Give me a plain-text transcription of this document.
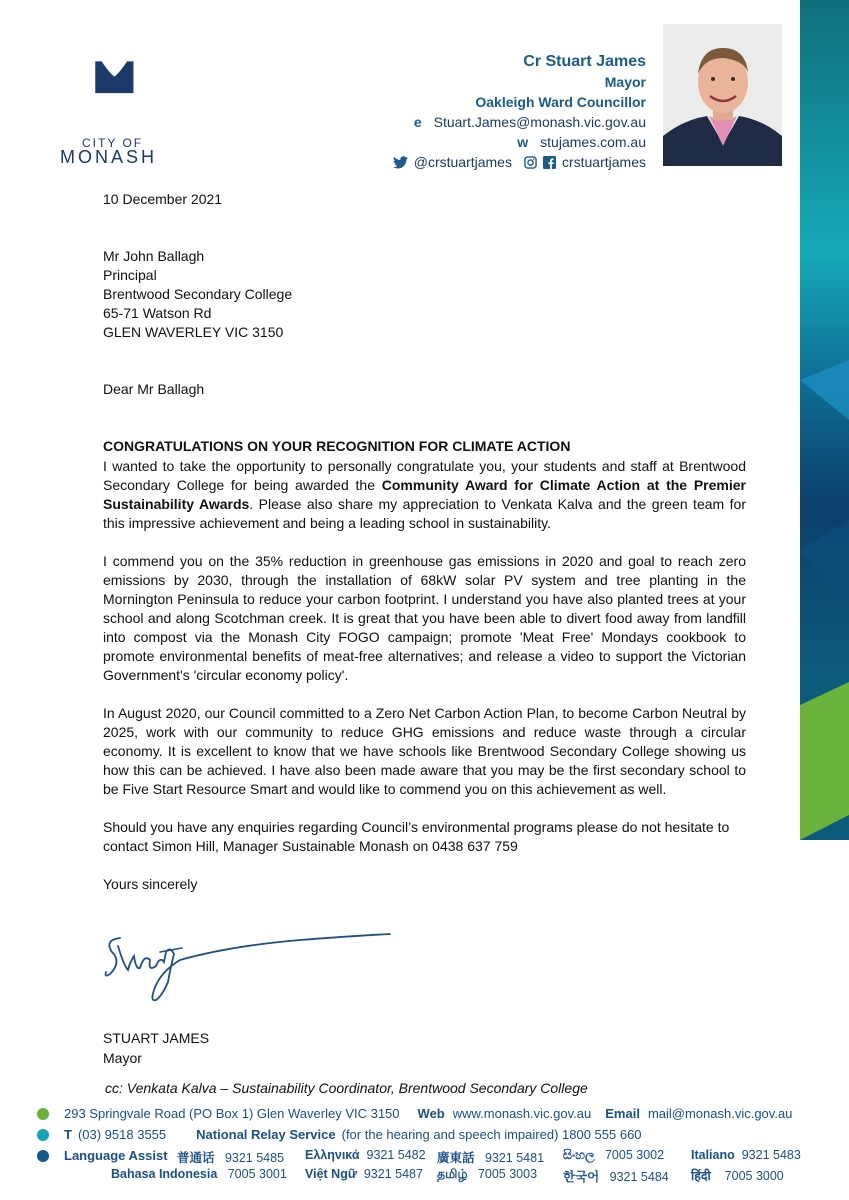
CITY OF
MONASH
Cr Stuart James
Mayor
Oakleigh Ward Councillor
e Stuart.James@monash.vic.gov.au
w stujames.com.au
@crstuartjames	crstuartjames

10 December 2021

Mr John Ballagh

Principal

Brentwood Secondary College

65-71 Watson Rd

GLEN WAVERLEY VIC 3150

Dear Mr Ballagh

CONGRATULATIONS ON YOUR RECOGNITION FOR CLIMATE ACTION

I wanted to take the opportunity to personally congratulate you, your students and staff at Brentwood Secondary College for being awarded the Community Award for Climate Action at the Premier Sustainability Awards. Please also share my appreciation to Venkata Kalva and the green team for this impressive achievement and being a leading school in sustainability.

I commend you on the 35% reduction in greenhouse gas emissions in 2020 and goal to reach zero emissions by 2030, through the installation of 68kW solar PV system and tree planting in the Mornington Peninsula to reduce your carbon footprint. I understand you have also planted trees at your school and along Scotchman creek. It is great that you have been able to divert food away from landfill into compost via the Monash City FOGO campaign; promote 'Meat Free' Mondays cookbook to promote environmental benefits of meat-free alternatives; and release a video to support the Victorian Government's 'circular economy policy'.

In August 2020, our Council committed to a Zero Net Carbon Action Plan, to become Carbon Neutral by 2025, work with our community to reduce GHG emissions and reduce waste through a circular economy. It is excellent to know that we have schools like Brentwood Secondary College showing us how this can be achieved. I have also been made aware that you may be the first secondary school to be Five Start Resource Smart and would like to commend you on this achievement as well.

Should you have any enquiries regarding Council’s environmental programs please do not hesitate to contact Simon Hill, Manager Sustainable Monash on 0438 637 759

Yours sincerely

STUART JAMES
Mayor
cc: Venkata Kalva – Sustainability Coordinator, Brentwood Secondary College
293 Springvale Road (PO Box 1) Glen Waverley VIC 3150 Web www.monash.vic.gov.au Email mail@monash.vic.gov.au
T (03) 9518 3555 National Relay Service (for the hearing and speech impaired) 1800 555 660
Language Assist 普通话 9321 5485 Ελληνικά 9321 5482 廣東話 9321 5481 සිංහල 7005 3002 Italiano 9321 5483
Bahasa Indonesia 7005 3001 Việt Ngữ 9321 5487 தமிழ் 7005 3003 한국어 9321 5484 हिंदी 7005 3000
